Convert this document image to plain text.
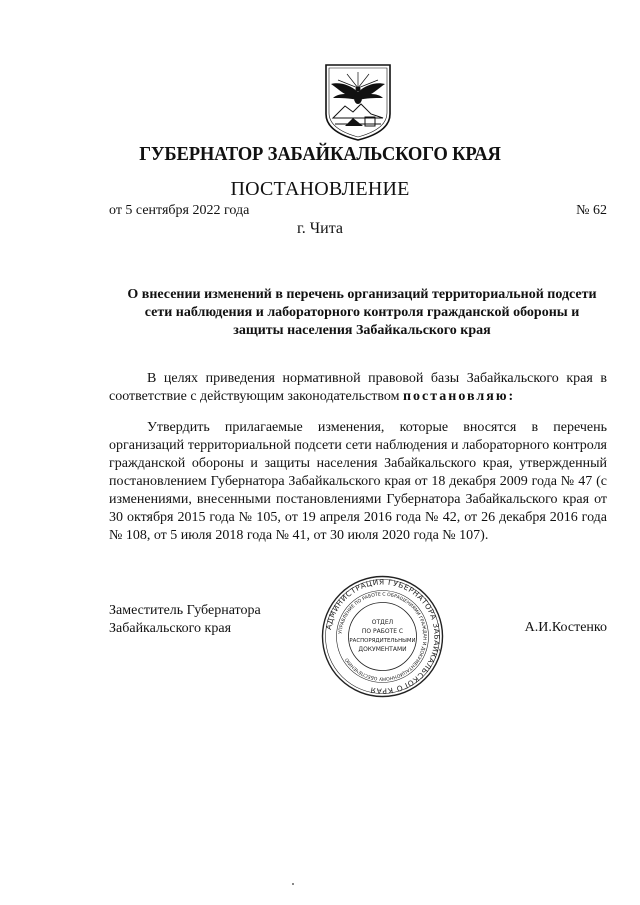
ГУБЕРНАТОР ЗАБАЙКАЛЬСКОГО КРАЯ
ПОСТАНОВЛЕНИЕ
от 5 сентября 2022 года	№ 62
г. Чита
О внесении изменений в перечень организаций территориальной подсети сети наблюдения и лабораторного контроля гражданской обороны и защиты населения Забайкальского края
В целях приведения нормативной правовой базы Забайкальского края в соответствие с действующим законодательством постановляю:
Утвердить прилагаемые изменения, которые вносятся в перечень организаций территориальной подсети сети наблюдения и лабораторного контроля гражданской обороны и защиты населения Забайкальского края, утвержденный постановлением Губернатора Забайкальского края от 18 декабря 2009 года № 47 (с изменениями, внесенными постановлениями Губернатора Забайкальского края от 30 октября 2015 года № 105, от 19 апреля 2016 года № 42, от 26 декабря 2016 года № 108, от 5 июля 2018 года № 41, от 30 июля 2020 года № 107).
Заместитель Губернатора
Забайкальского края	А.И.Костенко
АДМИНИСТРАЦИЯ ГУБЕРНАТОРА ЗАБАЙКАЛЬСКОГО КРАЯ
УПРАВЛЕНИЕ ПО РАБОТЕ С ОБРАЩЕНИЯМИ ГРАЖДАН И ДОКУМЕНТАЦИОННОМУ ОБЕСПЕЧЕНИЮ
ОТДЕЛ
ПО РАБОТЕ С
РАСПОРЯДИТЕЛЬНЫМИ
ДОКУМЕНТАМИ
